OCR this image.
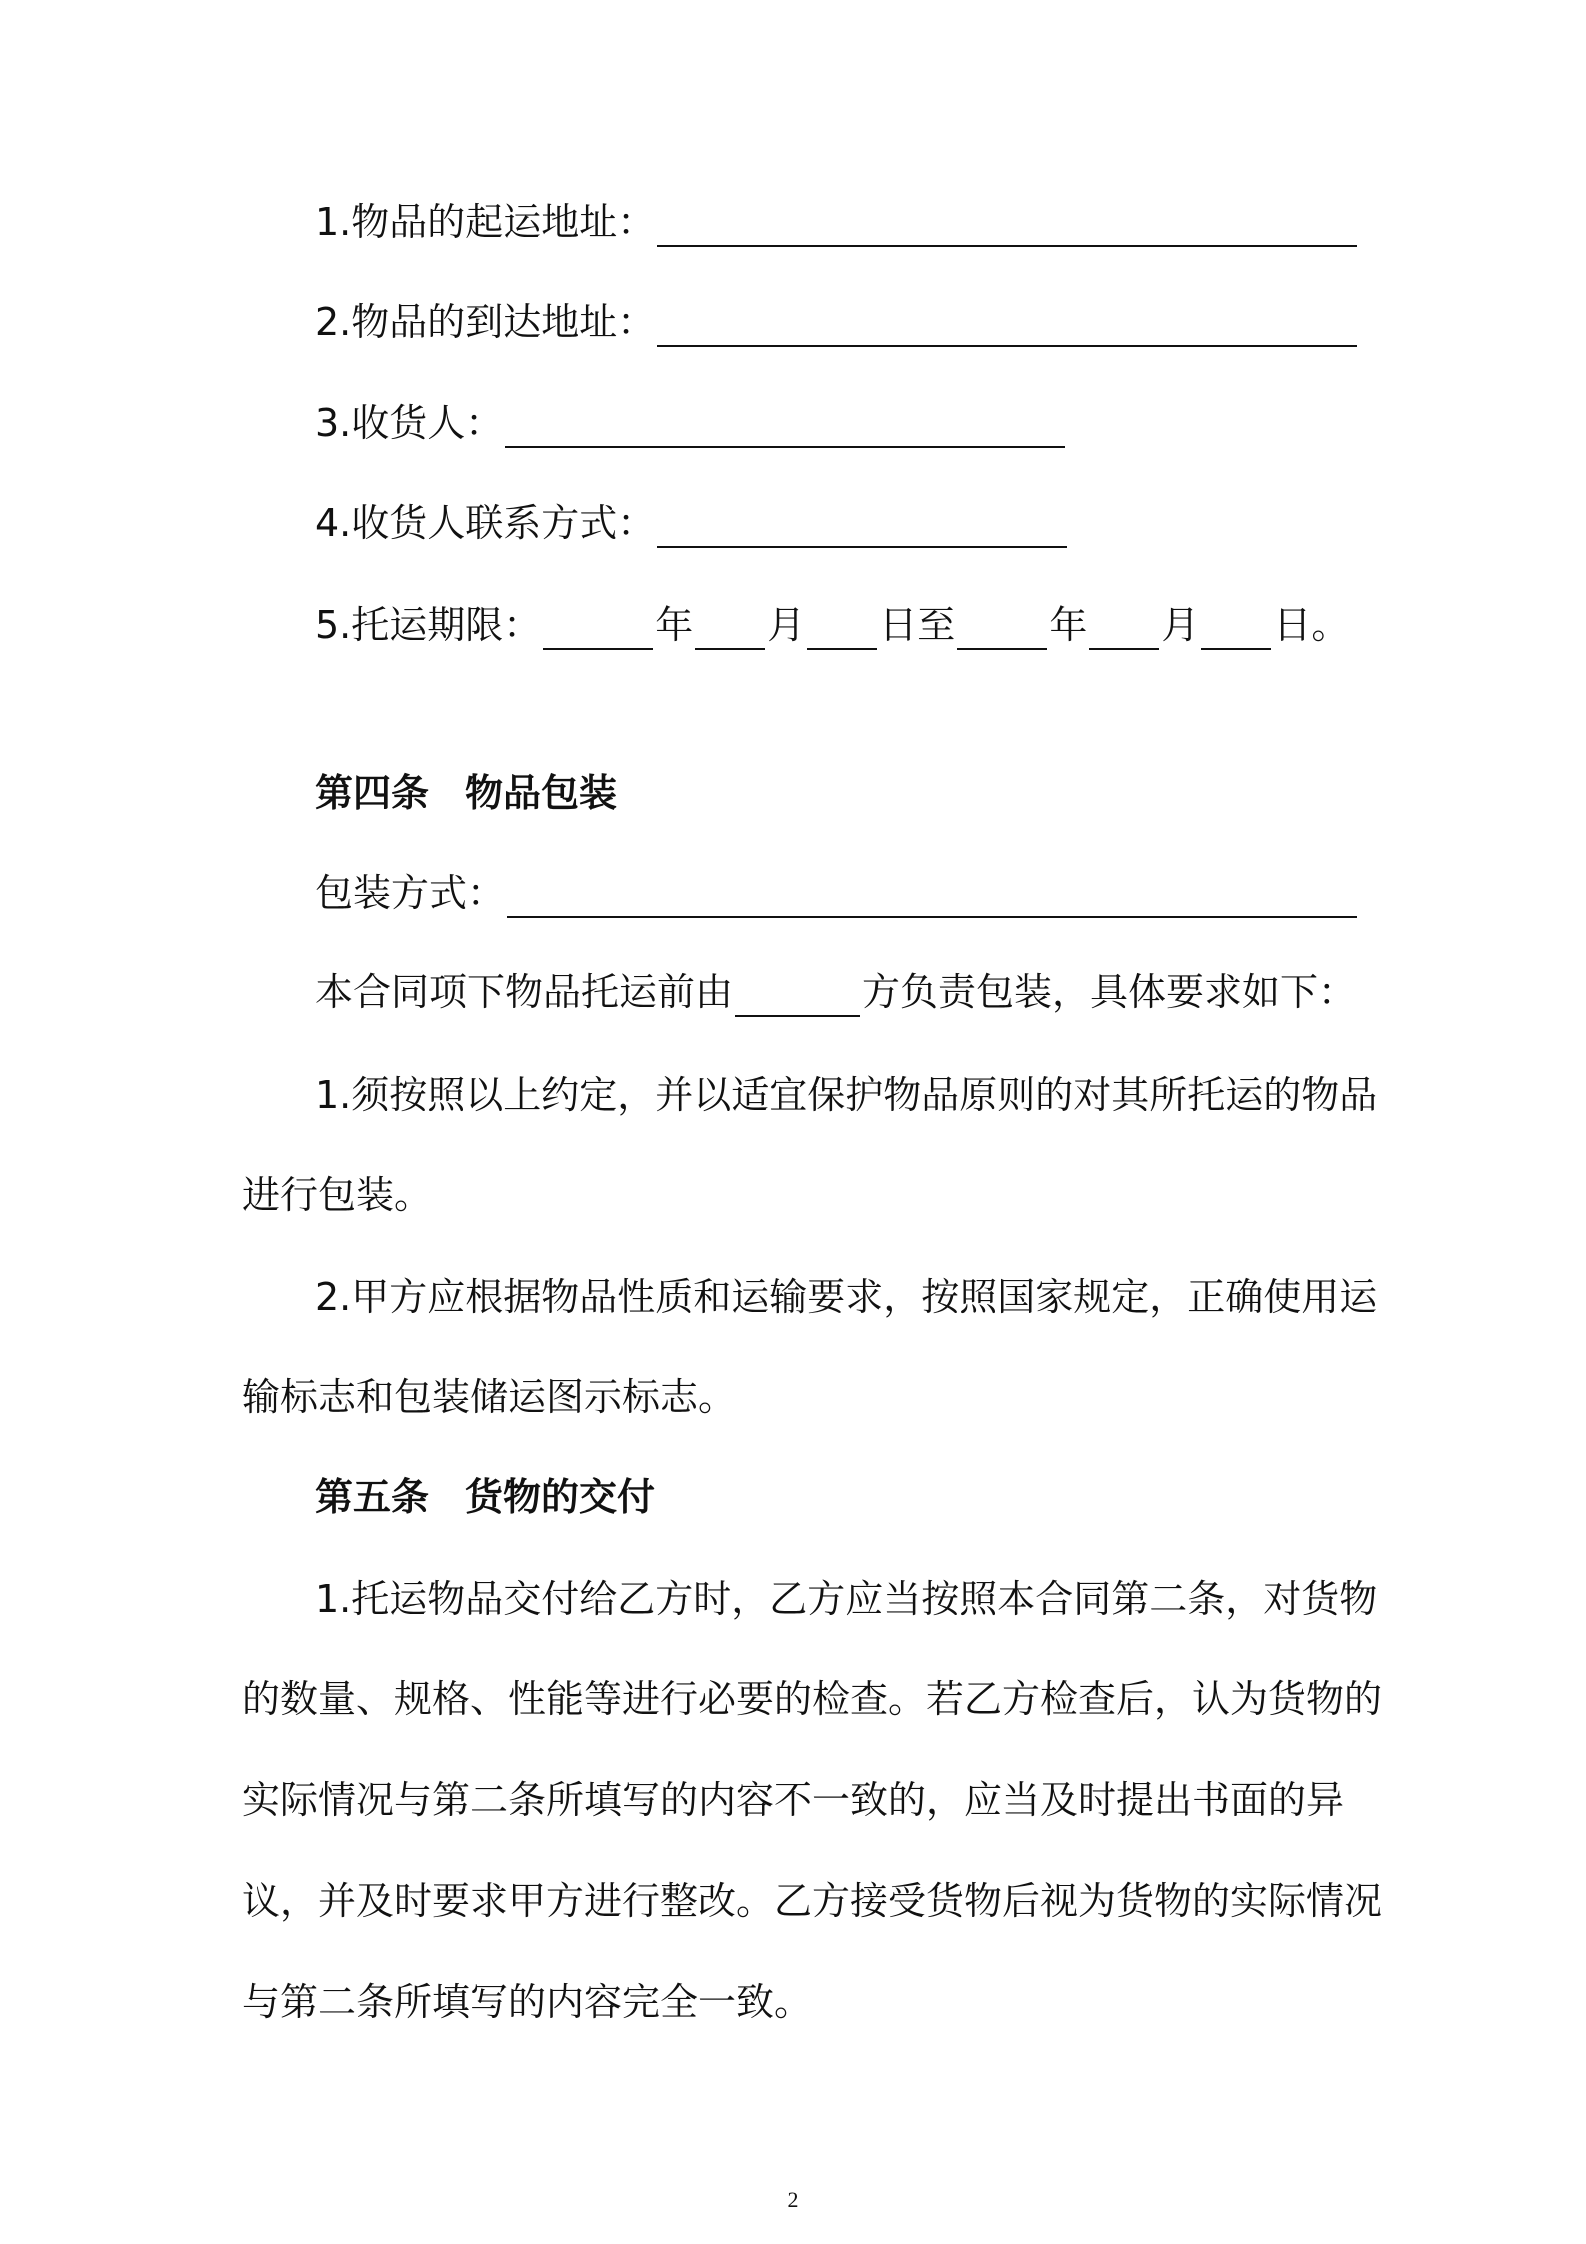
1.物品的起运地址：
2.物品的到达地址：
3.收货人：
4.收货人联系方式：
5.托运期限：	年 月 日至 年 月 日。
第四条 物品包装
包装方式：
本合同项下物品托运前由	方负责包装，具体要求如下：
1.须按照以上约定，并以适宜保护物品原则的对其所托运的物品
进行包装。
2.甲方应根据物品性质和运输要求，按照国家规定，正确使用运
输标志和包装储运图示标志。
第五条 货物的交付
1.托运物品交付给乙方时，乙方应当按照本合同第二条，对货物
的数量、规格、性能等进行必要的检查。若乙方检查后，认为货物的
实际情况与第二条所填写的内容不一致的，应当及时提出书面的异
议，并及时要求甲方进行整改。乙方接受货物后视为货物的实际情况
与第二条所填写的内容完全一致。
2
